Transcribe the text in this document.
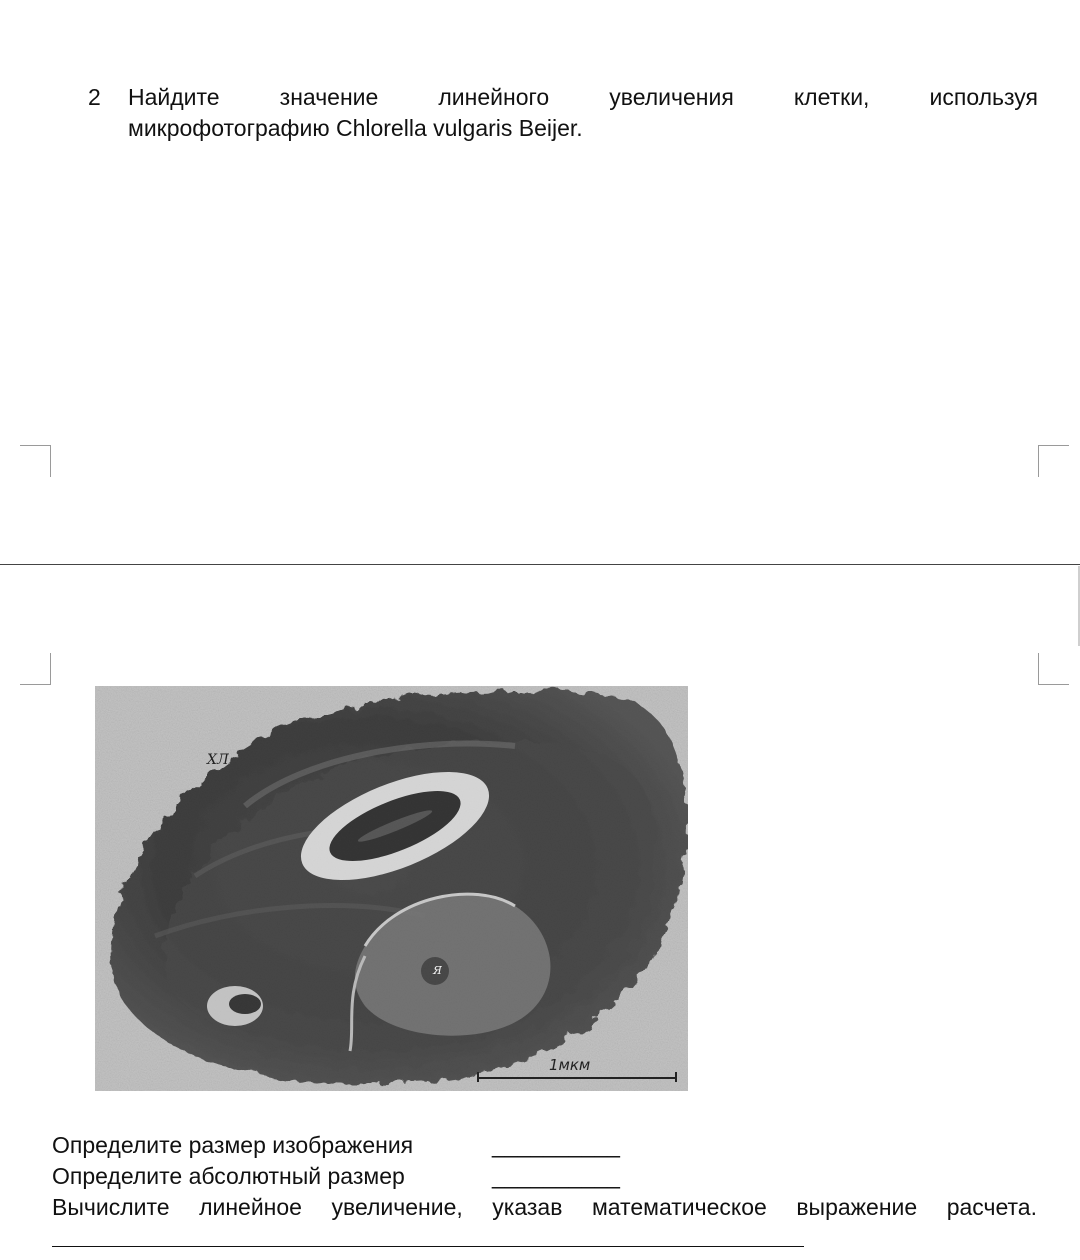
2 Найдите значение линейного увеличения клетки, используя
микрофотографию Chlorella vulgaris Beijer.
ХЛ
Я
1мкм
Определите размер изображения	__________
Определите абсолютный размер	__________
Вычислите линейное увеличение, указав математическое выражение расчета.
